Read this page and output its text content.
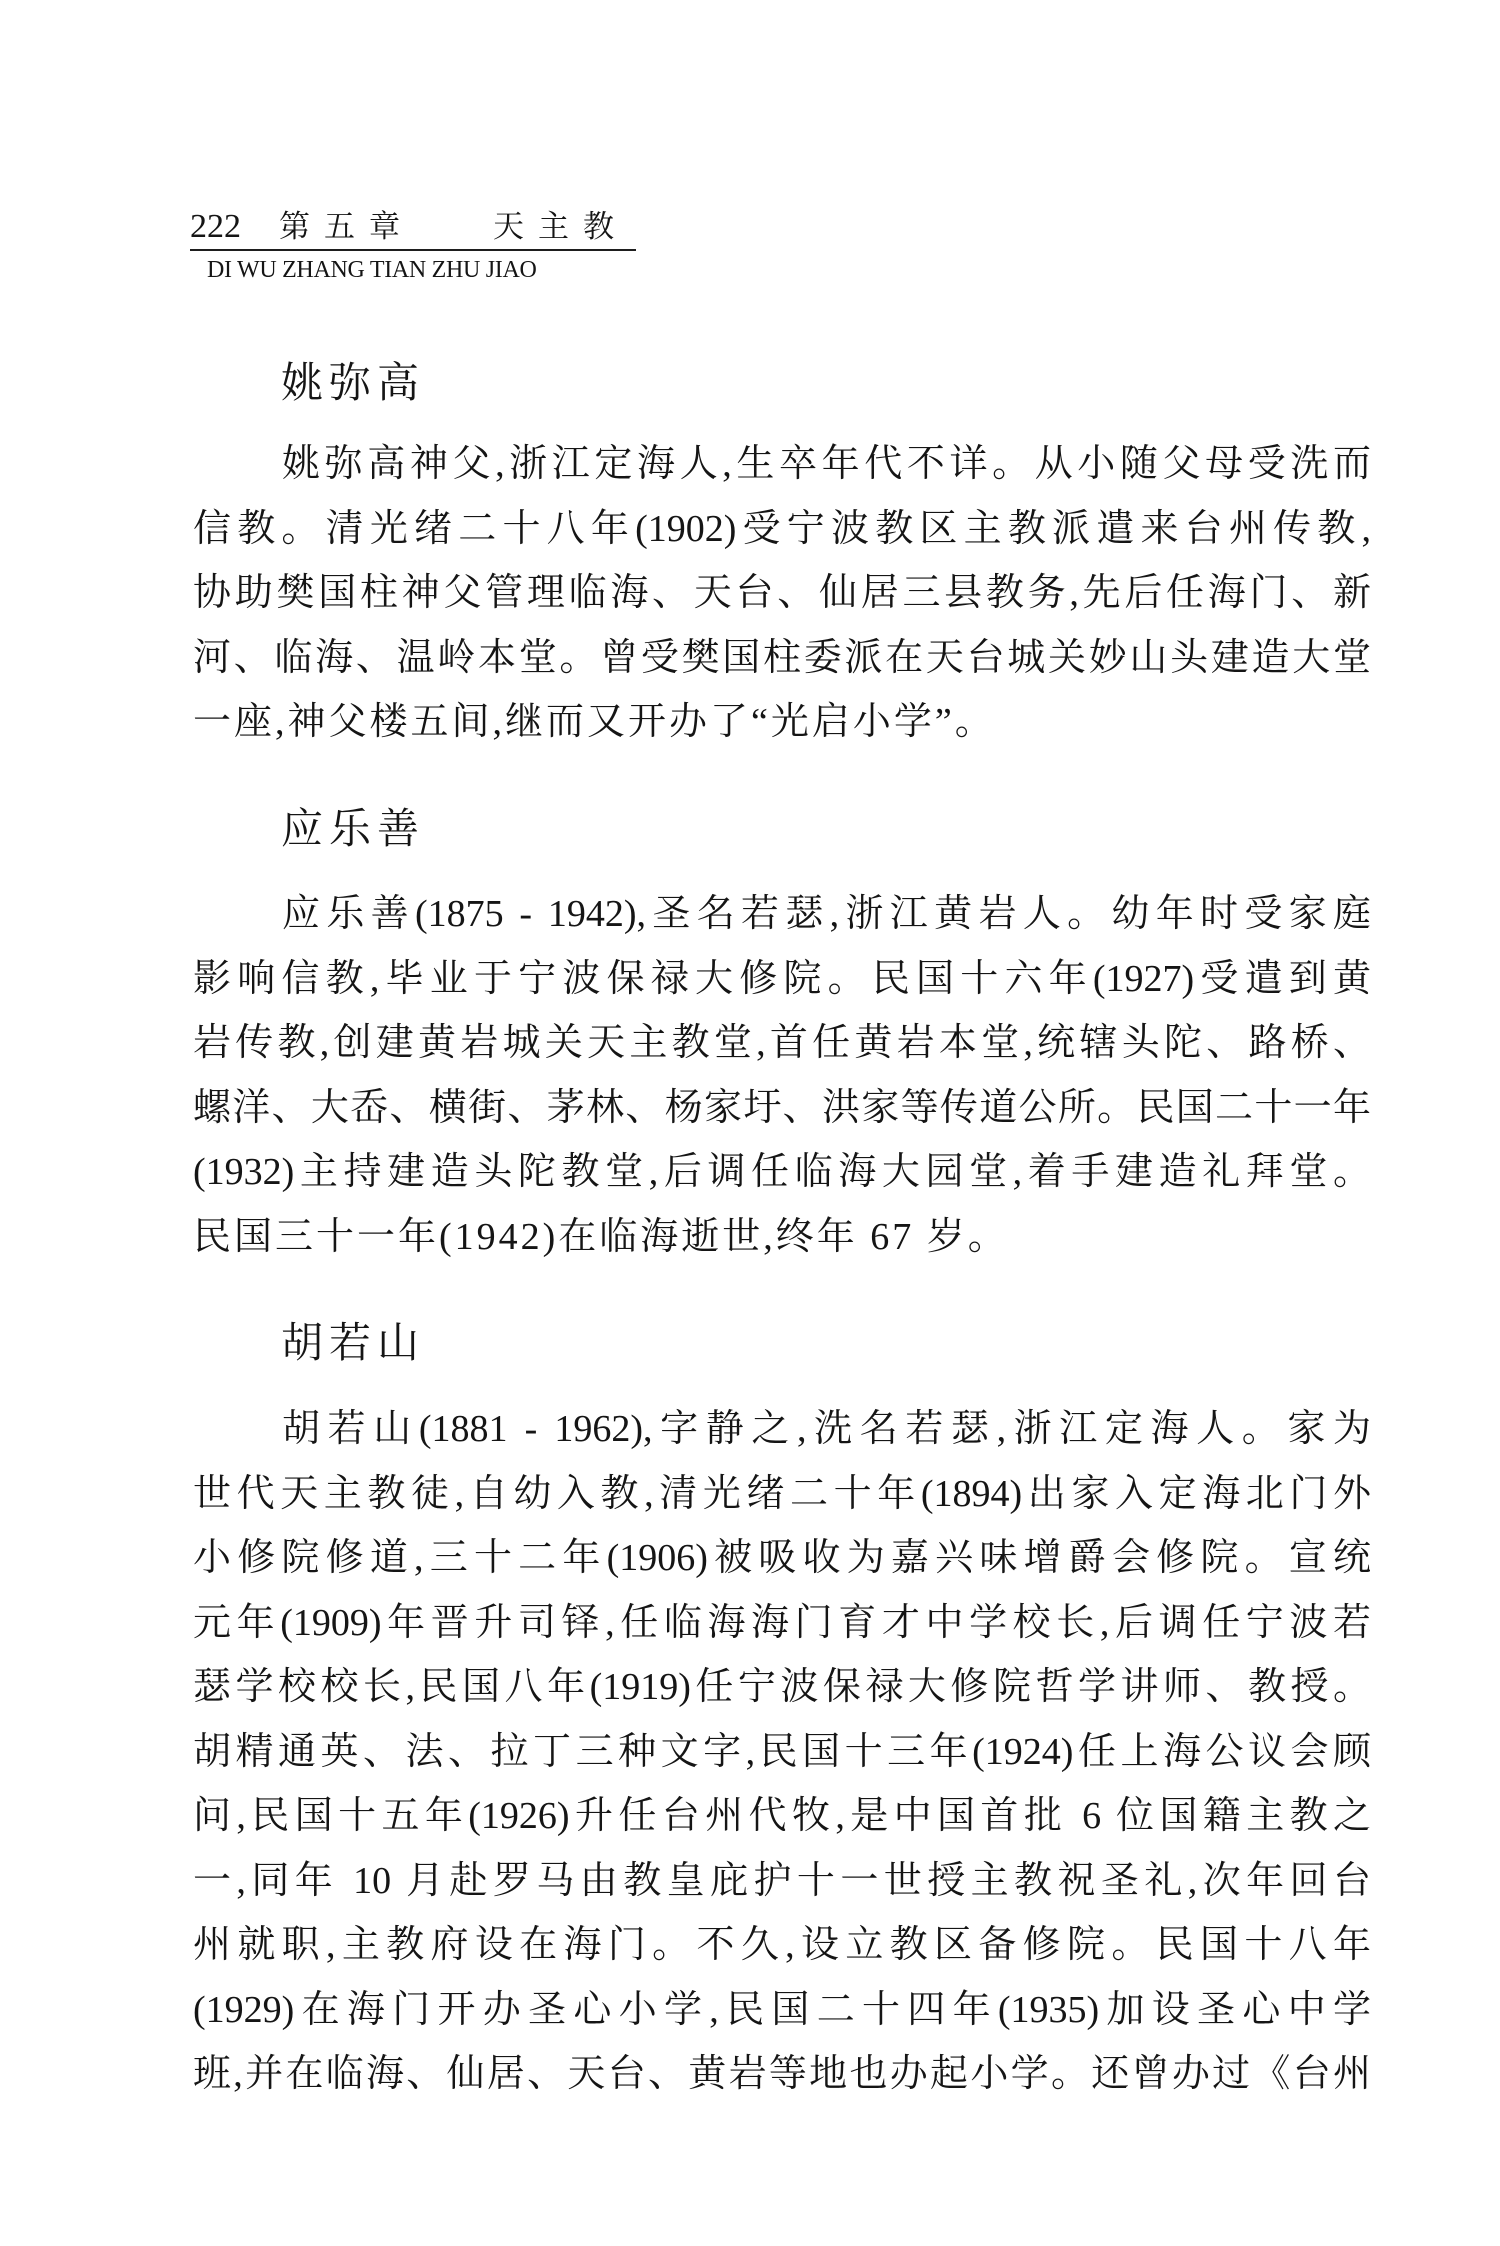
222 第五章	天主教
DI WU ZHANG TIAN ZHU JIAO
姚弥高
姚弥高神父,浙江定海人,生卒年代不详。从小随父母受洗而
信教。清光绪二十八年(1902)受宁波教区主教派遣来台州传教,
协助樊国柱神父管理临海、天台、仙居三县教务,先后任海门、新
河、临海、温岭本堂。曾受樊国柱委派在天台城关妙山头建造大堂
一座,神父楼五间,继而又开办了“光启小学”。
应乐善
应乐善(1875 - 1942),圣名若瑟,浙江黄岩人。幼年时受家庭
影响信教,毕业于宁波保禄大修院。民国十六年(1927)受遣到黄
岩传教,创建黄岩城关天主教堂,首任黄岩本堂,统辖头陀、路桥、
螺洋、大岙、横街、茅林、杨家圩、洪家等传道公所。民国二十一年
(1932)主持建造头陀教堂,后调任临海大园堂,着手建造礼拜堂。
民国三十一年(1942)在临海逝世,终年 67 岁。
胡若山
胡若山(1881 - 1962),字静之,洗名若瑟,浙江定海人。家为
世代天主教徒,自幼入教,清光绪二十年(1894)出家入定海北门外
小修院修道,三十二年(1906)被吸收为嘉兴味增爵会修院。宣统
元年(1909)年晋升司铎,任临海海门育才中学校长,后调任宁波若
瑟学校校长,民国八年(1919)任宁波保禄大修院哲学讲师、教授。
胡精通英、法、拉丁三种文字,民国十三年(1924)任上海公议会顾
问,民国十五年(1926)升任台州代牧,是中国首批 6 位国籍主教之
一,同年 10 月赴罗马由教皇庇护十一世授主教祝圣礼,次年回台
州就职,主教府设在海门。不久,设立教区备修院。民国十八年
(1929)在海门开办圣心小学,民国二十四年(1935)加设圣心中学
班,并在临海、仙居、天台、黄岩等地也办起小学。还曾办过《台州
